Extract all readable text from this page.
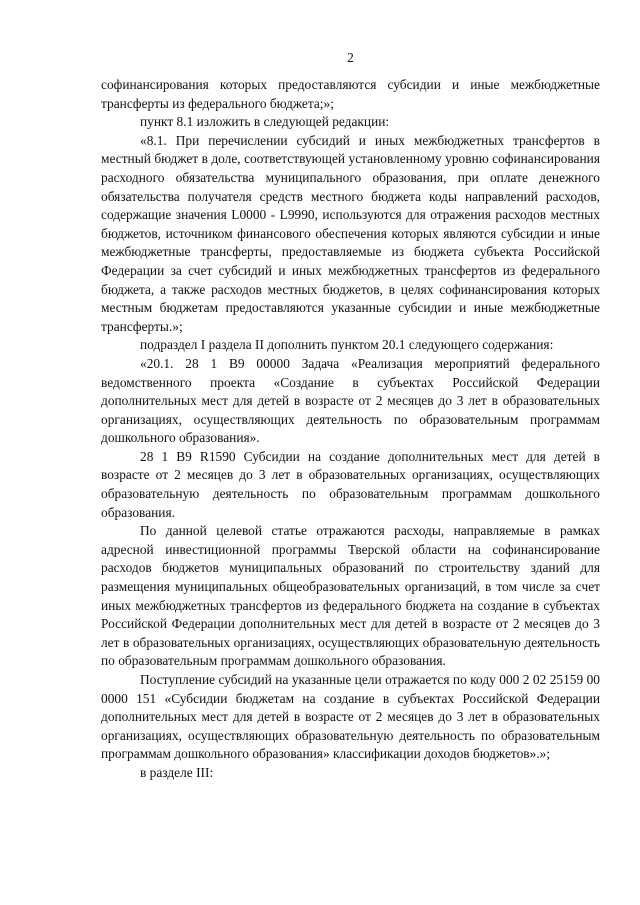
2

софинансирования которых предоставляются субсидии и иные межбюджетные трансферты из федерального бюджета;»;

пункт 8.1 изложить в следующей редакции:

«8.1. При перечислении субсидий и иных межбюджетных трансфертов в местный бюджет в доле, соответствующей установленному уровню софинансирования расходного обязательства муниципального образования, при оплате денежного обязательства получателя средств местного бюджета коды направлений расходов, содержащие значения L0000 - L9990, используются для отражения расходов местных бюджетов, источником финансового обеспечения которых являются субсидии и иные межбюджетные трансферты, предоставляемые из бюджета субъекта Российской Федерации за счет субсидий и иных межбюджетных трансфертов из федерального бюджета, а также расходов местных бюджетов, в целях софинансирования которых местным бюджетам предоставляются указанные субсидии и иные межбюджетные трансферты.»;

подраздел I раздела II дополнить пунктом 20.1 следующего содержания:

«20.1. 28 1 В9 00000 Задача «Реализация мероприятий федерального ведомственного проекта «Создание в субъектах Российской Федерации дополнительных мест для детей в возрасте от 2 месяцев до 3 лет в образовательных организациях, осуществляющих деятельность по образовательным программам дошкольного образования».

28 1 В9 R1590 Субсидии на создание дополнительных мест для детей в возрасте от 2 месяцев до 3 лет в образовательных организациях, осуществляющих образовательную деятельность по образовательным программам дошкольного образования.

По данной целевой статье отражаются расходы, направляемые в рамках адресной инвестиционной программы Тверской области на софинансирование расходов бюджетов муниципальных образований по строительству зданий для размещения муниципальных общеобразовательных организаций, в том числе за счет иных межбюджетных трансфертов из федерального бюджета на создание в субъектах Российской Федерации дополнительных мест для детей в возрасте от 2 месяцев до 3 лет в образовательных организациях, осуществляющих образовательную деятельность по образовательным программам дошкольного образования.

Поступление субсидий на указанные цели отражается по коду 000 2 02 25159 00 0000 151 «Субсидии бюджетам на создание в субъектах Российской Федерации дополнительных мест для детей в возрасте от 2 месяцев до 3 лет в образовательных организациях, осуществляющих образовательную деятельность по образовательным программам дошкольного образования» классификации доходов бюджетов».»;

в разделе III:
